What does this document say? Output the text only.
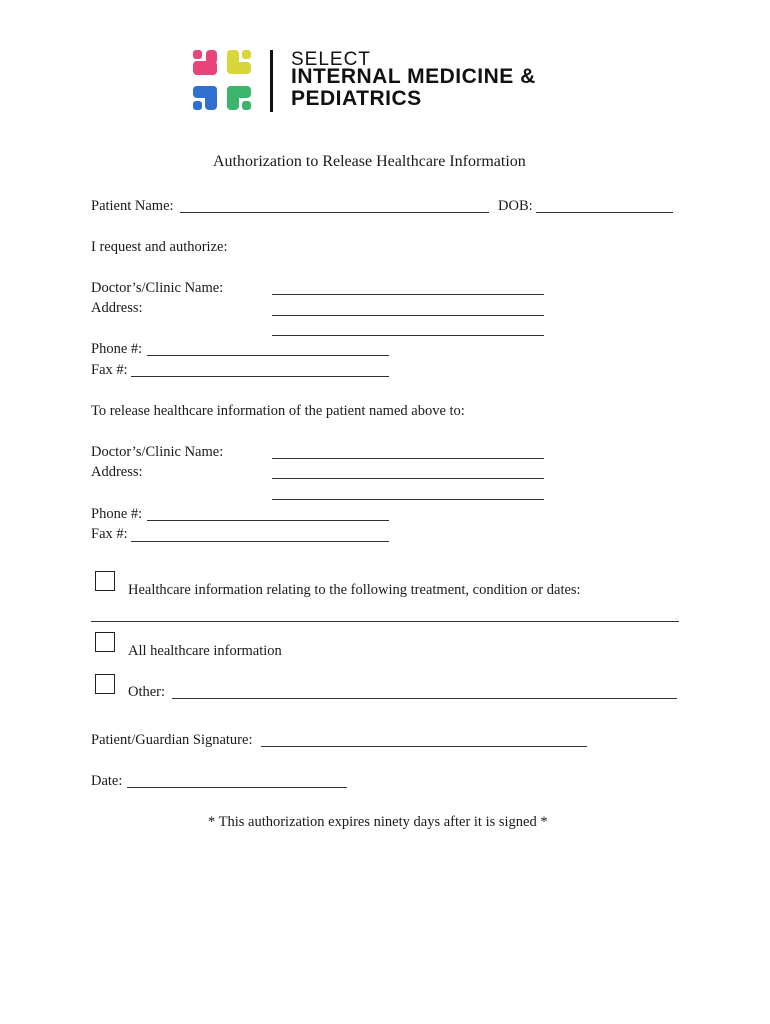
SELECT
INTERNAL MEDICINE &
PEDIATRICS
Authorization to Release Healthcare Information
Patient Name:	DOB:
I request and authorize:
Doctor’s/Clinic Name:
Address:
Phone #:
Fax #:
To release healthcare information of the patient named above to:
Doctor’s/Clinic Name:
Address:
Phone #:
Fax #:
Healthcare information relating to the following treatment, condition or dates:
All healthcare information
Other:
Patient/Guardian Signature:
Date:
* This authorization expires ninety days after it is signed *
